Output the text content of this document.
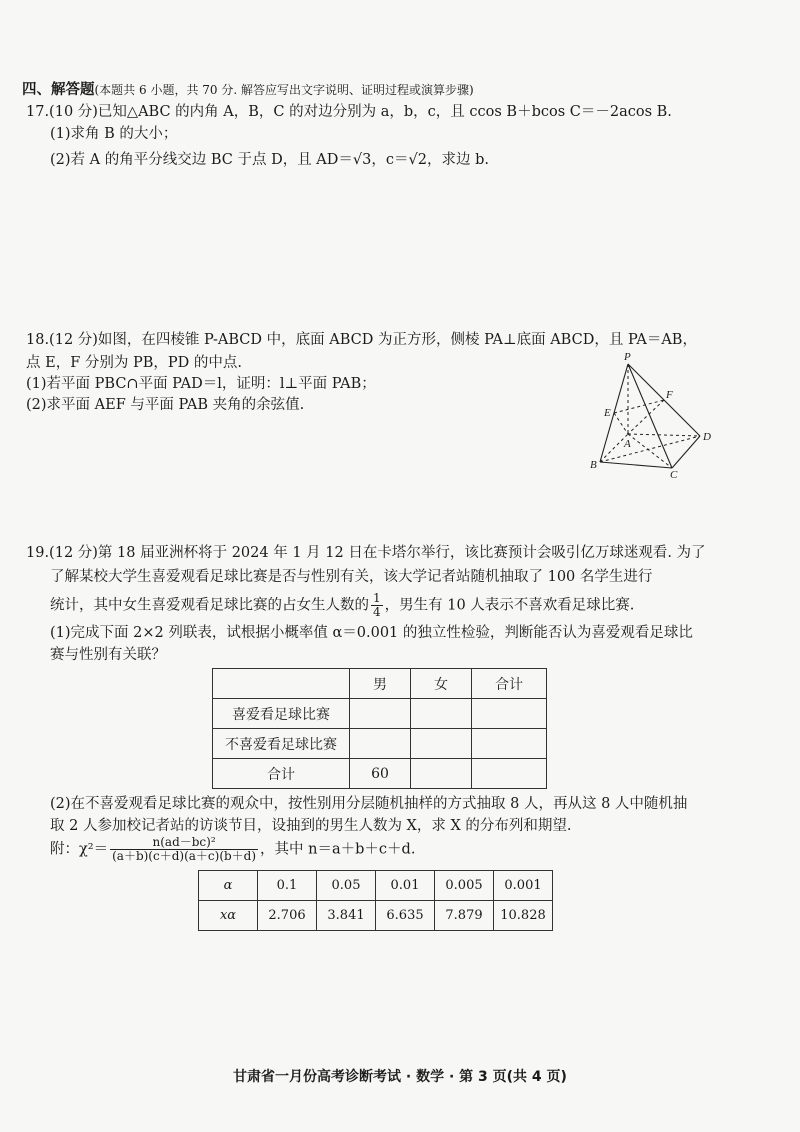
四、解答题(本题共 6 小题，共 70 分. 解答应写出文字说明、证明过程或演算步骤)
17.(10 分)已知△ABC 的内角 A，B，C 的对边分别为 a，b，c，且 ccos B＋bcos C＝－2acos B.
(1)求角 B 的大小；
(2)若 A 的角平分线交边 BC 于点 D，且 AD＝√3，c＝√2，求边 b.
18.(12 分)如图，在四棱锥 P-ABCD 中，底面 ABCD 为正方形，侧棱 PA⊥底面 ABCD，且 PA＝AB，
点 E，F 分别为 PB，PD 的中点.
(1)若平面 PBC∩平面 PAD＝l，证明：l⊥平面 PAB；
(2)求平面 AEF 与平面 PAB 夹角的余弦值.
P
E
F
A
B
C
D
19.(12 分)第 18 届亚洲杯将于 2024 年 1 月 12 日在卡塔尔举行，该比赛预计会吸引亿万球迷观看. 为了
了解某校大学生喜爱观看足球比赛是否与性别有关，该大学记者站随机抽取了 100 名学生进行
统计，其中女生喜爱观看足球比赛的占女生人数的 $\frac{1}{4}$ ，男生有 10 人表示不喜欢看足球比赛.
(1)完成下面 2×2 列联表，试根据小概率值 α＝0.001 的独立性检验，判断能否认为喜爱观看足球比
赛与性别有关联？
	男	女	合计
喜爱看足球比赛			
不喜爱看足球比赛			
合计	60		
(2)在不喜爱观看足球比赛的观众中，按性别用分层随机抽样的方式抽取 8 人，再从这 8 人中随机抽
取 2 人参加校记者站的访谈节目，设抽到的男生人数为 X，求 X 的分布列和期望.
附：$\chi^2= \frac{\text{n(ad－bc)²}}{(a+b)(c+d)(a+c)(b+d)}$ ，其中 n＝a＋b＋c＋d.
α	0.1	0.05	0.01	0.005	0.001
xα	2.706	3.841	6.635	7.879	10.828
甘肃省一月份高考诊断考试 · 数学 · 第 3 页(共 4 页)
